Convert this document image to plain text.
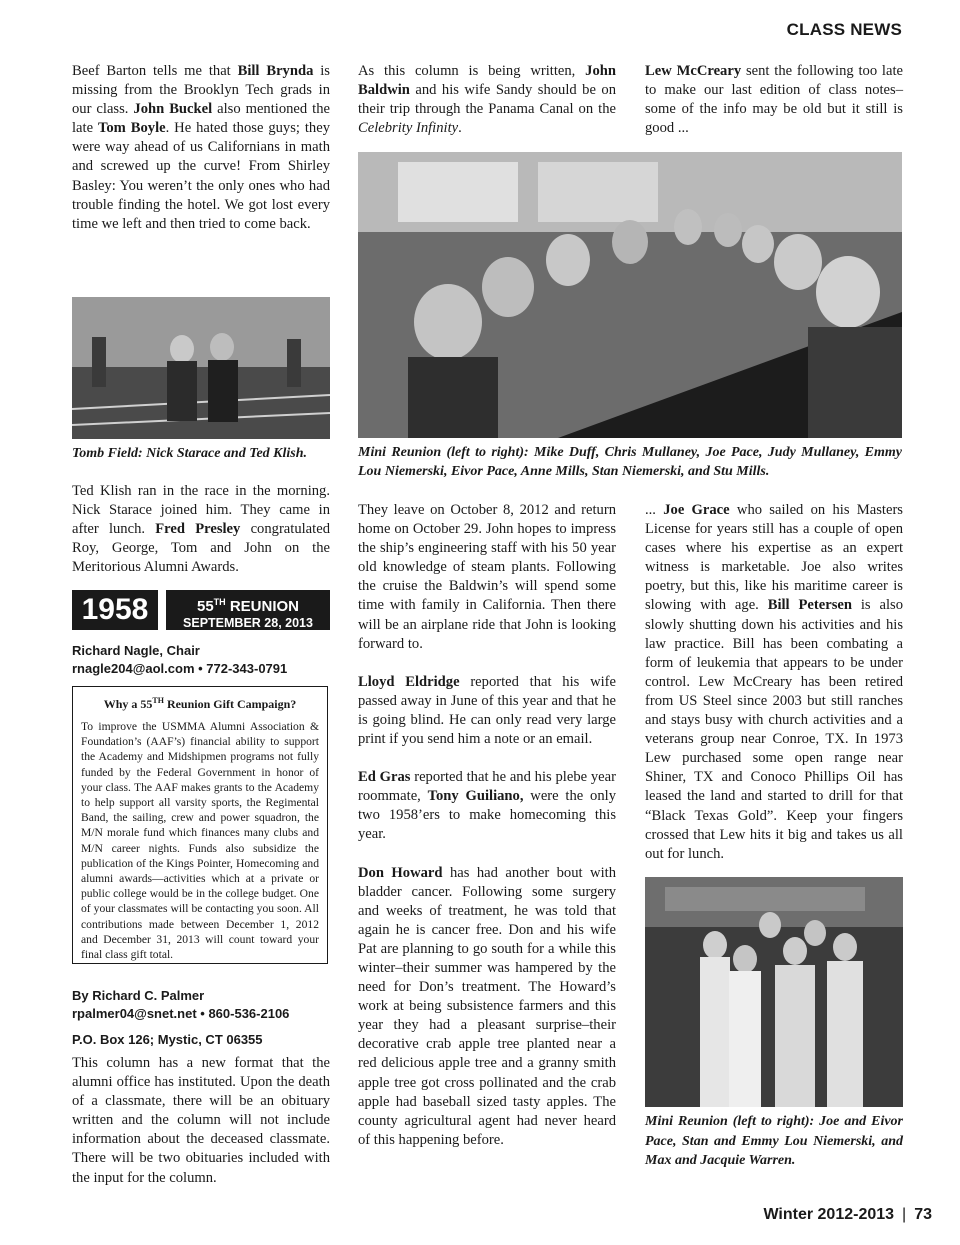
CLASS NEWS

Beef Barton tells me that Bill Brynda is missing from the Brooklyn Tech grads in our class. John Buckel also mentioned the late Tom Boyle. He hated those guys; they were way ahead of us Californians in math and screwed up the curve! From Shirley Basley: You weren’t the only ones who had trouble finding the hotel. We got lost every time we left and then tried to come back.

Tomb Field: Nick Starace and Ted Klish.

Ted Klish ran in the race in the morning. Nick Starace joined him. They came in after lunch. Fred Presley congratulated Roy, George, Tom and John on the Meritorious Alumni Awards.

1958	55TH REUNION
SEPTEMBER 28, 2013
Richard Nagle, Chair
rnagle204@aol.com • 772-343-0791
Why a 55TH Reunion Gift Campaign?

To improve the USMMA Alumni Association & Foundation’s (AAF’s) financial ability to support the Academy and Midshipmen programs not fully funded by the Federal Government in honor of your class. The AAF makes grants to the Academy to help support all varsity sports, the Regimental Band, the sailing, crew and power squadron, the M/N morale fund which finances many clubs and M/N career nights. Funds also subsidize the publication of the Kings Pointer, Homecoming and alumni awards—activities which at a private or public college would be in the college budget. One of your classmates will be contacting you soon. All contributions made between December 1, 2012 and December 31, 2013 will count toward your final class gift total.

By Richard C. Palmer
rpalmer04@snet.net • 860-536-2106
P.O. Box 126; Mystic, CT 06355

This column has a new format that the alumni office has instituted. Upon the death of a classmate, there will be an obituary written and the column will not include information about the deceased classmate. There will be two obituaries included with the input for the column.

As this column is being written, John Baldwin and his wife Sandy should be on their trip through the Panama Canal on the Celebrity Infinity.

Mini Reunion (left to right): Mike Duff, Chris Mullaney, Joe Pace, Judy Mullaney, Emmy Lou Niemerski, Eivor Pace, Anne Mills, Stan Niemerski, and Stu Mills.

They leave on October 8, 2012 and return home on October 29. John hopes to impress the ship’s engineering staff with his 50 year old knowledge of steam plants. Following the cruise the Baldwin’s will spend some time with family in California. Then there will be an airplane ride that John is looking forward to.

Lloyd Eldridge reported that his wife passed away in June of this year and that he is going blind. He can only read very large print if you send him a note or an email.

Ed Gras reported that he and his plebe year roommate, Tony Guiliano, were the only two 1958’ers to make homecoming this year.

Don Howard has had another bout with bladder cancer. Following some surgery and weeks of treatment, he was told that again he is cancer free. Don and his wife Pat are planning to go south for a while this winter–their summer was hampered by the need for Don’s treatment. The Howard’s work at being subsistence farmers and this year they had a pleasant surprise–their decorative crab apple tree planted near a red delicious apple tree and a granny smith apple tree got cross pollinated and the crab apple had baseball sized tasty apples. The county agricultural agent had never heard of this happening before.

Lew McCreary sent the following too late to make our last edition of class notes–some of the info may be old but it still is good ...

... Joe Grace who sailed on his Masters License for years still has a couple of open cases where his expertise as an expert witness is marketable. Joe also writes poetry, but this, like his maritime career is slowing with age. Bill Petersen is also slowly shutting down his activities and his law practice. Bill has been combating a form of leukemia that appears to be under control. Lew McCreary has been retired from US Steel since 2003 but still ranches and stays busy with church activities and a veterans group near Conroe, TX. In 1973 Lew purchased some open range near Shiner, TX and Conoco Phillips Oil has leased the land and started to drill for that “Black Texas Gold”. Keep your fingers crossed that Lew hits it big and takes us all out for lunch.

Mini Reunion (left to right): Joe and Eivor Pace, Stan and Emmy Lou Niemerski, and Max and Jacquie Warren.
Winter 2012-2013 | 73
